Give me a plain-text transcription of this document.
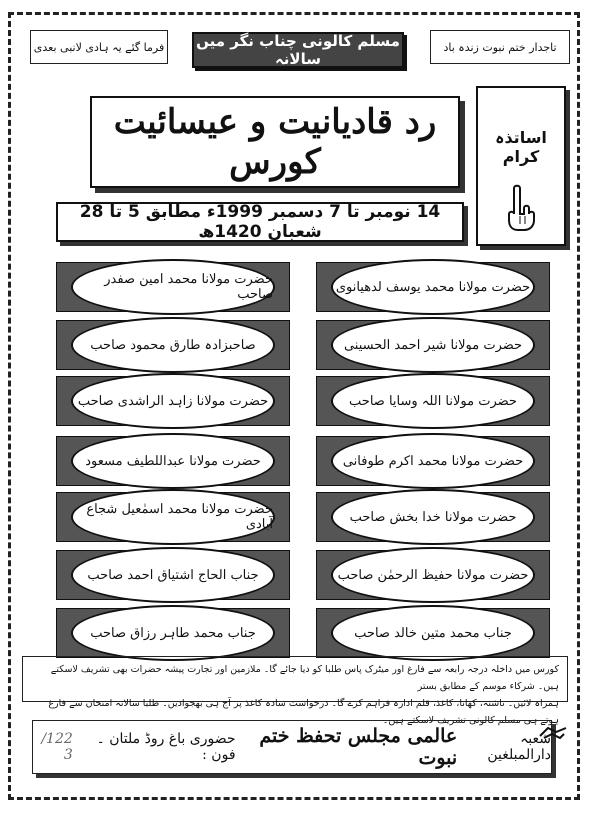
فرما گئے یہ ہادی لانبی بعدی مسلم کالونی چناب نگر میں سالانہ
تاجدار ختم نبوت زندہ باد
رد قادیانیت و عیسائیت کورس
اساتذہ کرام
14 نومبر تا 7 دسمبر 1999ء مطابق 5 تا 28 شعبان 1420ھ
حضرت مولانا محمد یوسف لدھیانوی
حضرت مولانا شیر احمد الحسینی
حضرت مولانا اللہ وسایا صاحب
حضرت مولانا محمد اکرم طوفانی
حضرت مولانا خدا بخش صاحب
حضرت مولانا حفیظ الرحمٰن صاحب
جناب محمد متین خالد صاحب
حضرت مولانا محمد امین صفدر صاحب
صاحبزادہ طارق محمود صاحب
حضرت مولانا زاہد الراشدی صاحب
حضرت مولانا عبداللطیف مسعود
حضرت مولانا محمد اسمٰعیل شجاع آبادی
جناب الحاج اشتیاق احمد صاحب
جناب محمد طاہر رزاق صاحب
کورس میں داخلہ درجہ رابعہ سے فارغ اور میٹرک پاس طلبا کو دیا جائے گا۔ ملازمین اور تجارت پیشہ حضرات بھی تشریف لاسکتے ہیں۔ شرکاء موسم کے مطابق بستر
ہمراہ لائیں۔ ناشتہ، کھانا، کاغذ، قلم ادارہ فراہم کرے گا۔ درخواست سادہ کاغذ پر آج ہی بھجوادیں۔ طلبا سالانہ امتحان سے فارغ ہوتے ہی مسلم کالونی تشریف لاسکتے ہیں۔
شعبہ دارالمبلغین
عالمی مجلس تحفظ ختم نبوت
حضوری باغ روڈ ملتان ۔ فون :
122/ 3
